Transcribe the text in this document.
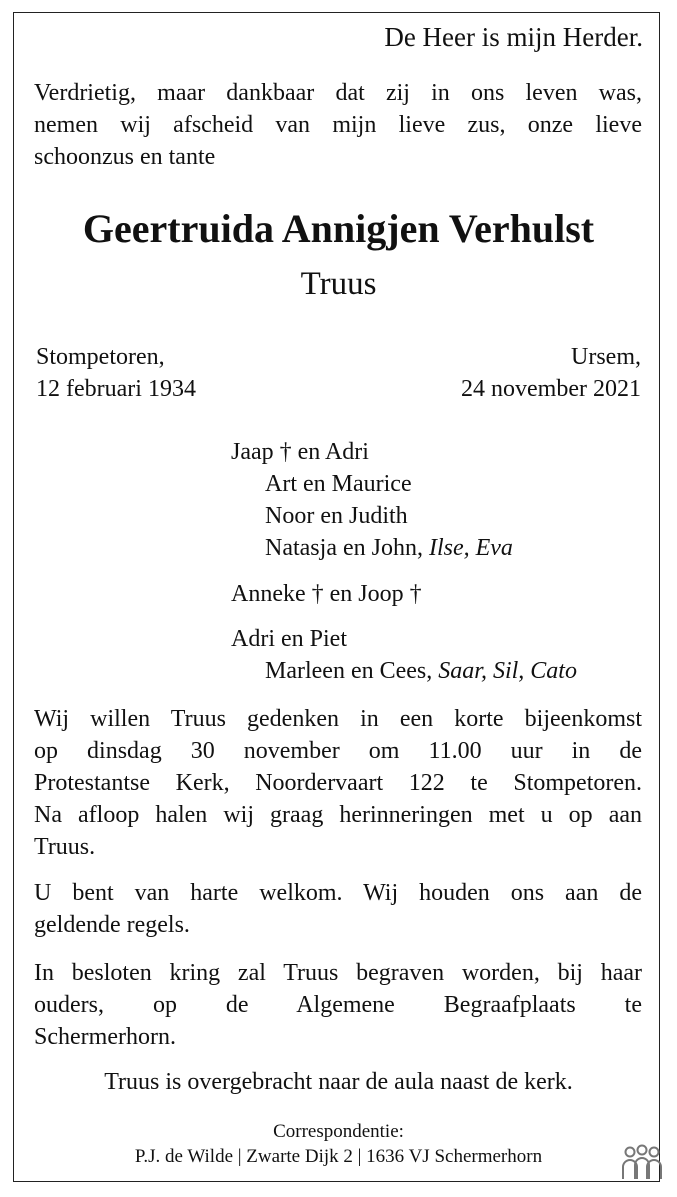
De Heer is mijn Herder.
Verdrietig, maar dankbaar dat zij in ons leven was,
nemen wij afscheid van mijn lieve zus, onze lieve
schoonzus en tante
Geertruida Annigjen Verhulst
Truus
Stompetoren,
12 februari 1934
Ursem,
24 november 2021
Jaap † en Adri
Art en Maurice
Noor en Judith
Natasja en John, Ilse, Eva
Anneke † en Joop †
Adri en Piet
Marleen en Cees, Saar, Sil, Cato
Wij willen Truus gedenken in een korte bijeenkomst
op dinsdag 30 november om 11.00 uur in de
Protestantse Kerk, Noordervaart 122 te Stompetoren.
Na afloop halen wij graag herinneringen met u op aan
Truus.
U bent van harte welkom. Wij houden ons aan de
geldende regels.
In besloten kring zal Truus begraven worden, bij haar
ouders, op de Algemene Begraafplaats te
Schermerhorn.
Truus is overgebracht naar de aula naast de kerk.
Correspondentie:
P.J. de Wilde | Zwarte Dijk 2 | 1636 VJ Schermerhorn
